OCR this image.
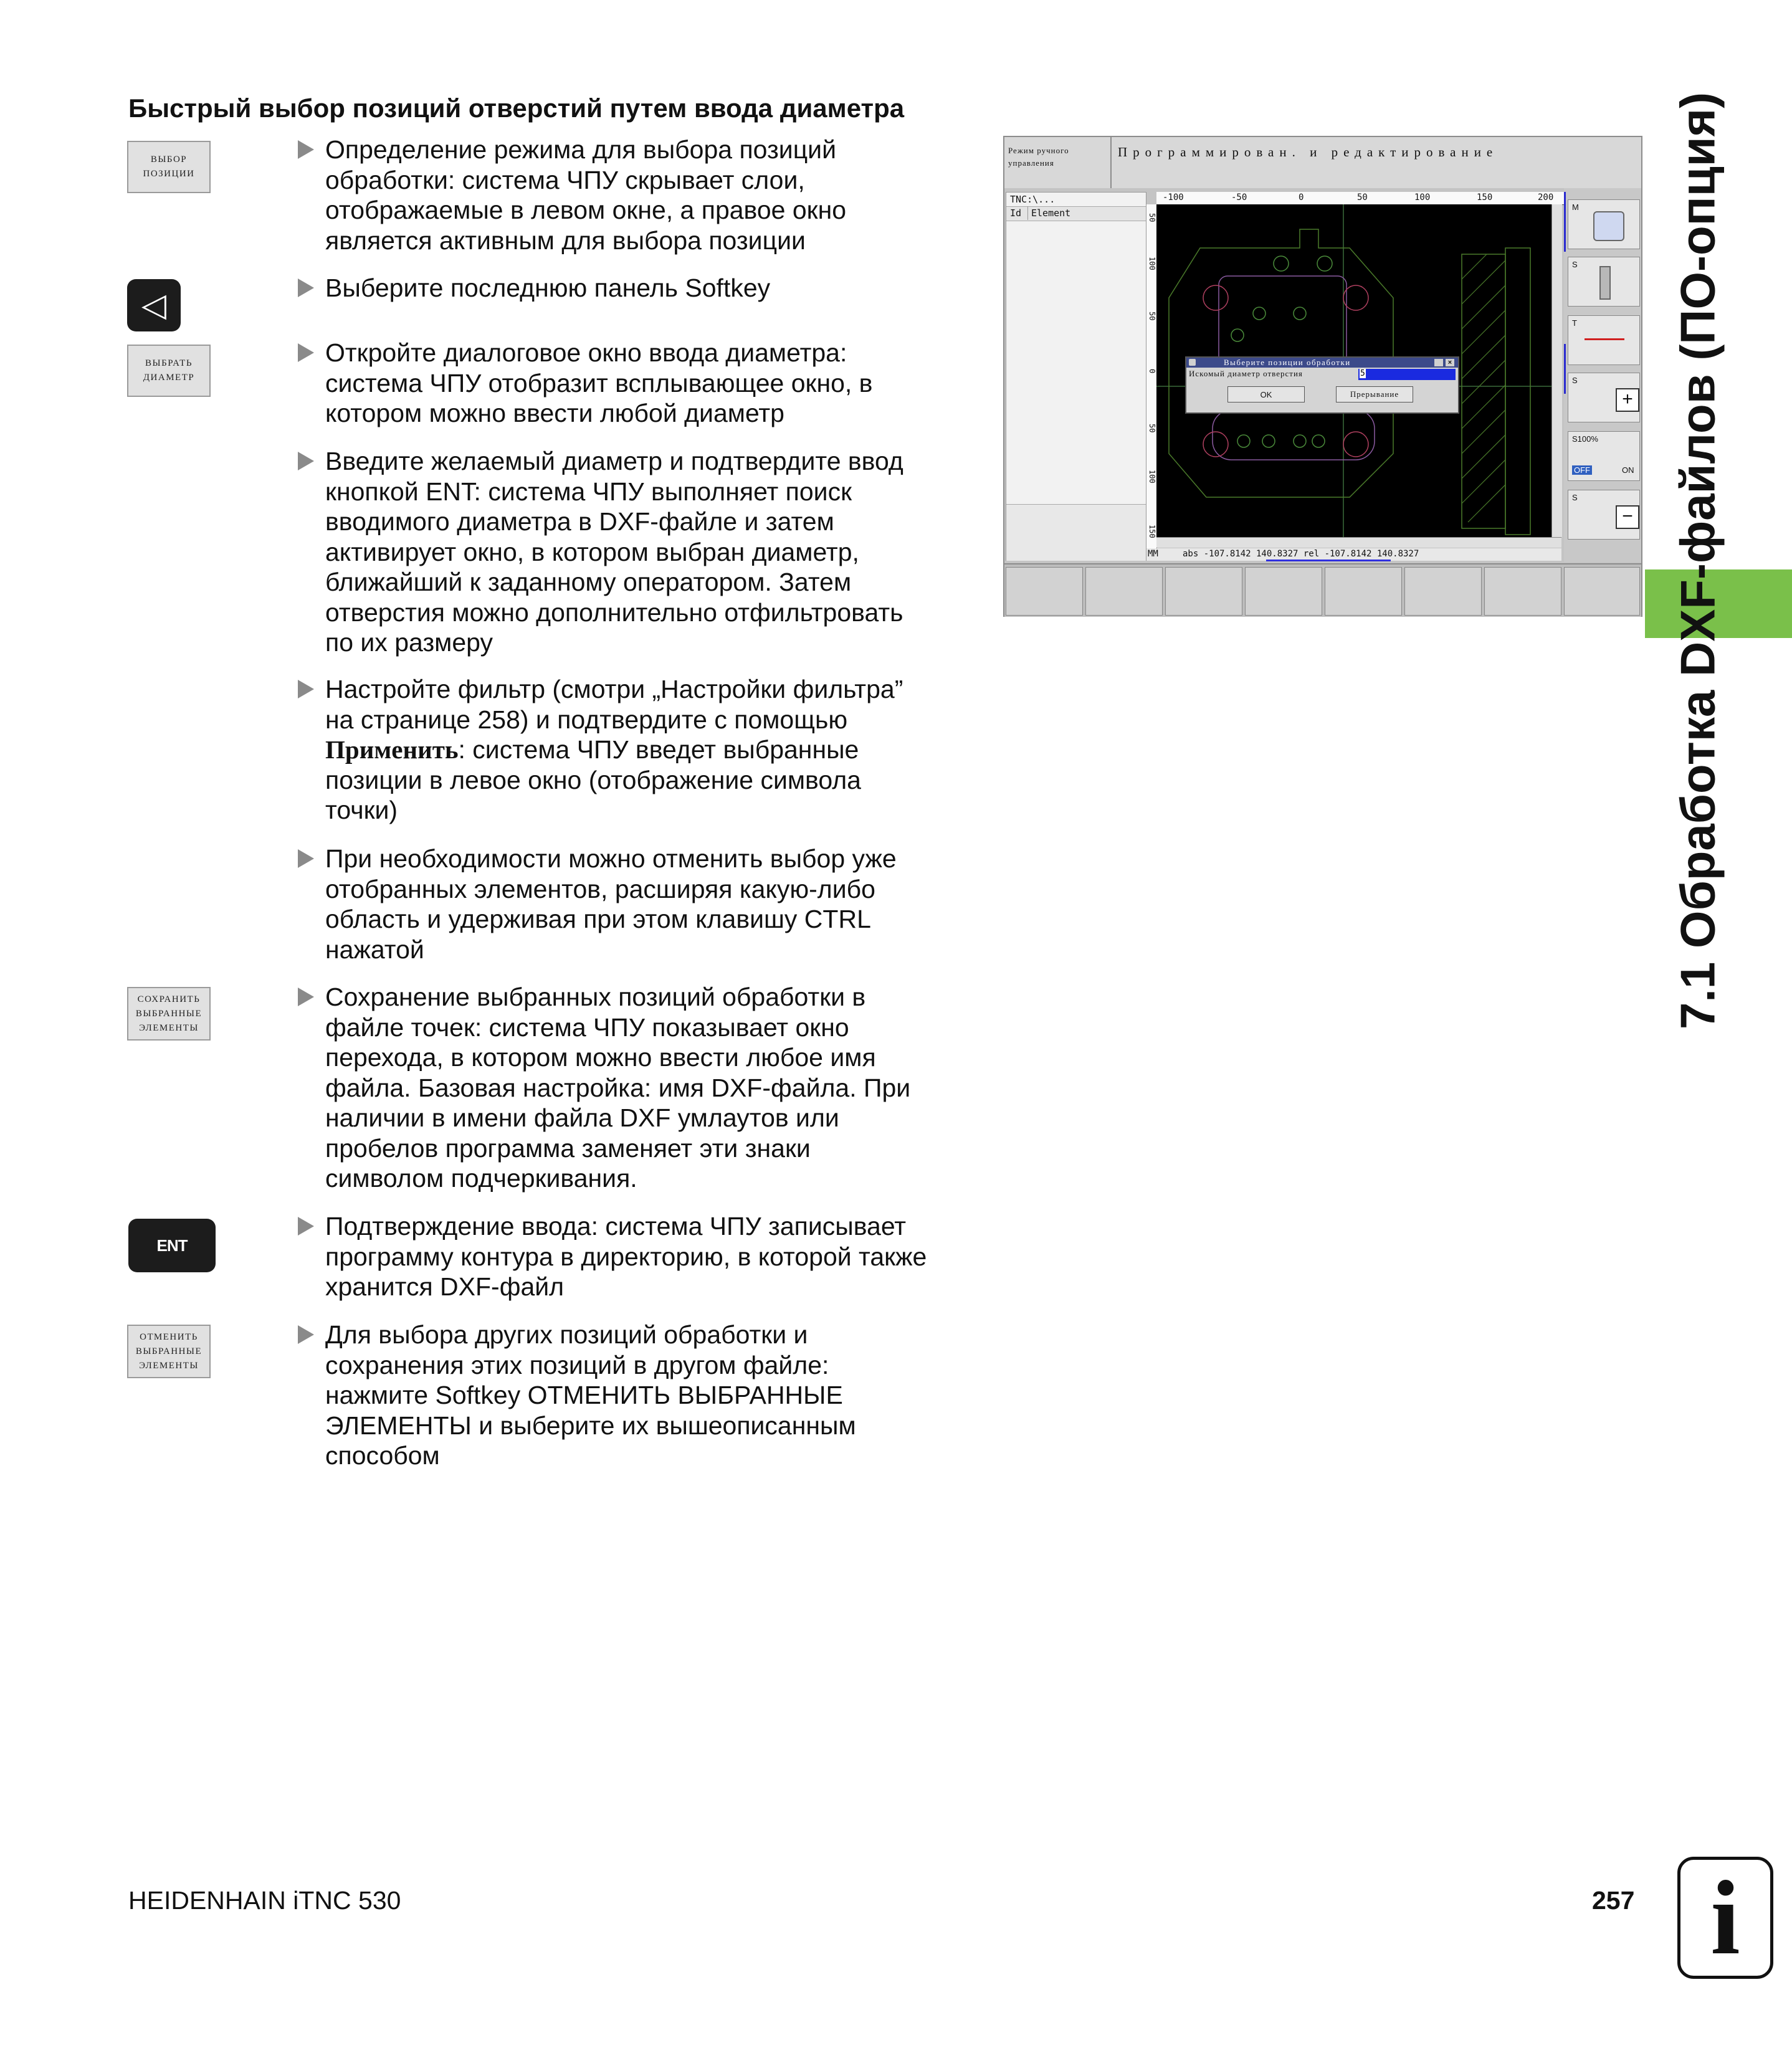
Быстрый выбор позиций отверстий путем ввода диаметра
ВЫБОР
ПОЗИЦИИ
◁
ВЫБРАТЬ
ДИАМЕТР
СОХРАНИТЬ
ВЫБРАННЫЕ
ЭЛЕМЕНТЫ
ENT
ОТМЕНИТЬ
ВЫБРАННЫЕ
ЭЛЕМЕНТЫ
Определение режима для выбора позиций
обработки: система ЧПУ скрывает слои,
отображаемые в левом окне, а правое окно
является активным для выбора позиции
Выберите последнюю панель Softkey
Откройте диалоговое окно ввода диаметра:
система ЧПУ отобразит всплывающее окно, в
котором можно ввести любой диаметр
Введите желаемый диаметр и подтвердите ввод
кнопкой ENT: система ЧПУ выполняет поиск
вводимого диаметра в DXF-файле и затем
активирует окно, в котором выбран диаметр,
ближайший к заданному оператором. Затем
отверстия можно дополнительно отфильтровать
по их размеру
Настройте фильтр (смотри „Настройки фильтра”
на странице 258) и подтвердите с помощью
Применить: система ЧПУ введет выбранные
позиции в левое окно (отображение символа
точки)
При необходимости можно отменить выбор уже
отобранных элементов, расширяя какую-либо
область и удерживая при этом клавишу CTRL
нажатой
Сохранение выбранных позиций обработки в
файле точек: система ЧПУ показывает окно
перехода, в котором можно ввести любое имя
файла. Базовая настройка: имя DXF-файла. При
наличии в имени файла DXF умлаутов или
пробелов программа заменяет эти знаки
символом подчеркивания.
Подтверждение ввода: система ЧПУ записывает
программу контура в директорию, в которой также
хранится DXF-файл
Для выбора других позиций обработки и
сохранения этих позиций в другом файле:
нажмите Softkey ОТМЕНИТЬ ВЫБРАННЫЕ
ЭЛЕМЕНТЫ и выберите их вышеописанным
способом
Режим ручного
управления
Программирован. и редактирование
TNC:\...
Id Element
-100	-50	0	50	100	150	200
50
100
50
0
50
100
150
MM	abs -107.8142 140.8327 rel -107.8142 140.8327
Выберите позиции обработки	×
Искомый диаметр отверстия	5
OK	Прерывание
M
S
T
S
+
S100%
OFF	ON
S
− 7.1 Обработка DXF-файлов (ПО-опция)
HEIDENHAIN iTNC 530	257 i
